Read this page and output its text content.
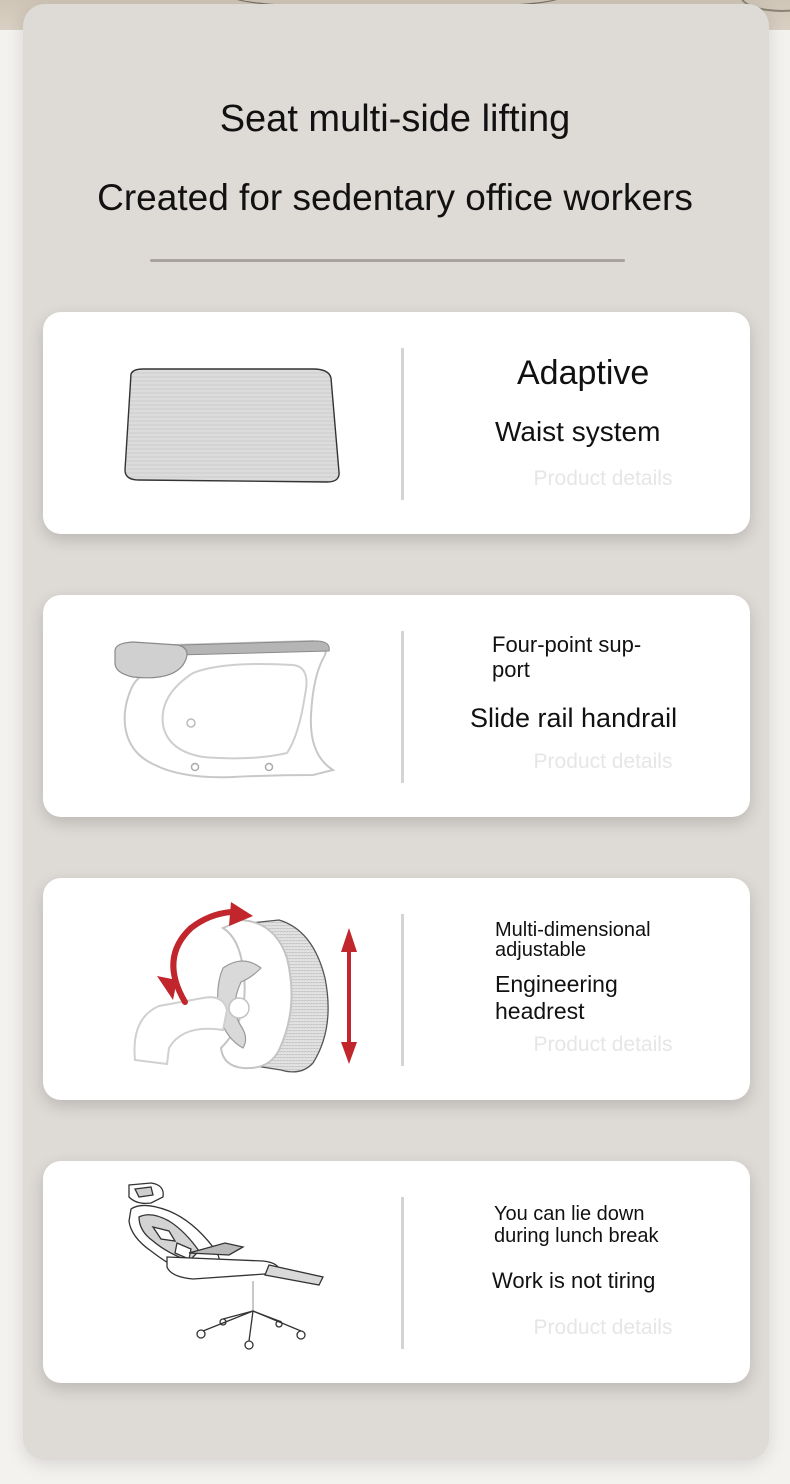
Seat multi-side lifting
Created for sedentary office workers
Adaptive
Waist system
Product details
Four-point sup-
port
Slide rail handrail
Product details
Multi-dimensional
adjustable
Engineering
headrest
Product details
You can lie down
during lunch break
Work is not tiring
Product details
